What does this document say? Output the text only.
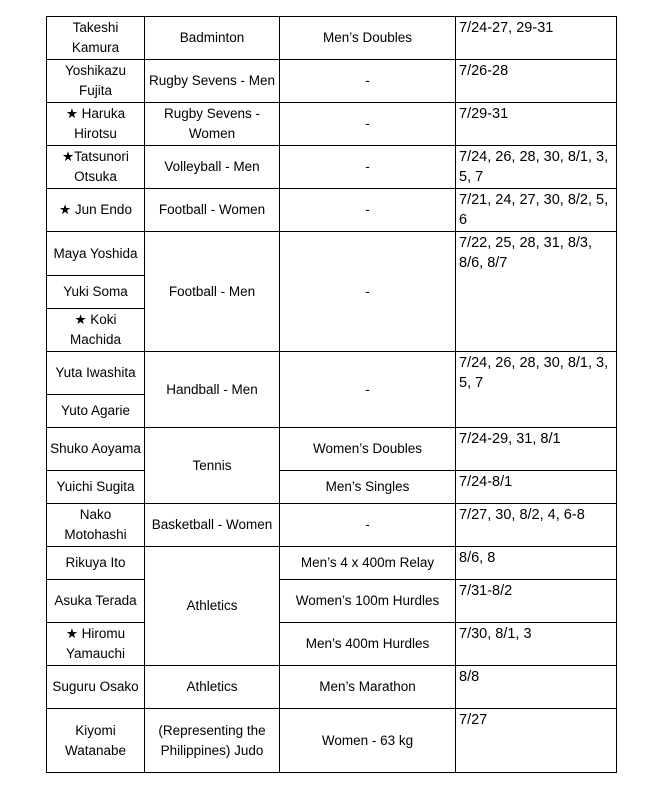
Takeshi Kamura	Badminton	Men’s Doubles	7/24-27, 29-31
Yoshikazu Fujita	Rugby Sevens - Men	-	7/26-28
★ Haruka Hirotsu	Rugby Sevens - Women	-	7/29-31
★Tatsunori Otsuka	Volleyball - Men	-	7/24, 26, 28, 30, 8/1, 3, 5, 7
★ Jun Endo	Football - Women	-	7/21, 24, 27, 30, 8/2, 5, 6
Maya Yoshida	Football - Men	-	7/22, 25, 28, 31, 8/3, 8/6, 8/7
Yuki Soma			
★ Koki Machida			
Yuta Iwashita	Handball - Men	-	7/24, 26, 28, 30, 8/1, 3, 5, 7
Yuto Agarie			
Shuko Aoyama	Tennis	Women’s Doubles	7/24-29, 31, 8/1
Yuichi Sugita		Men’s Singles	7/24-8/1
Nako Motohashi	Basketball - Women	-	7/27, 30, 8/2, 4, 6-8
Rikuya Ito	Athletics	Men’s 4 x 400m Relay	8/6, 8
Asuka Terada		Women’s 100m Hurdles	7/31-8/2
★ Hiromu Yamauchi		Men’s 400m Hurdles	7/30, 8/1, 3
Suguru Osako	Athletics	Men’s Marathon	8/8
Kiyomi Watanabe	(Representing the Philippines) Judo	Women - 63 kg	7/27
